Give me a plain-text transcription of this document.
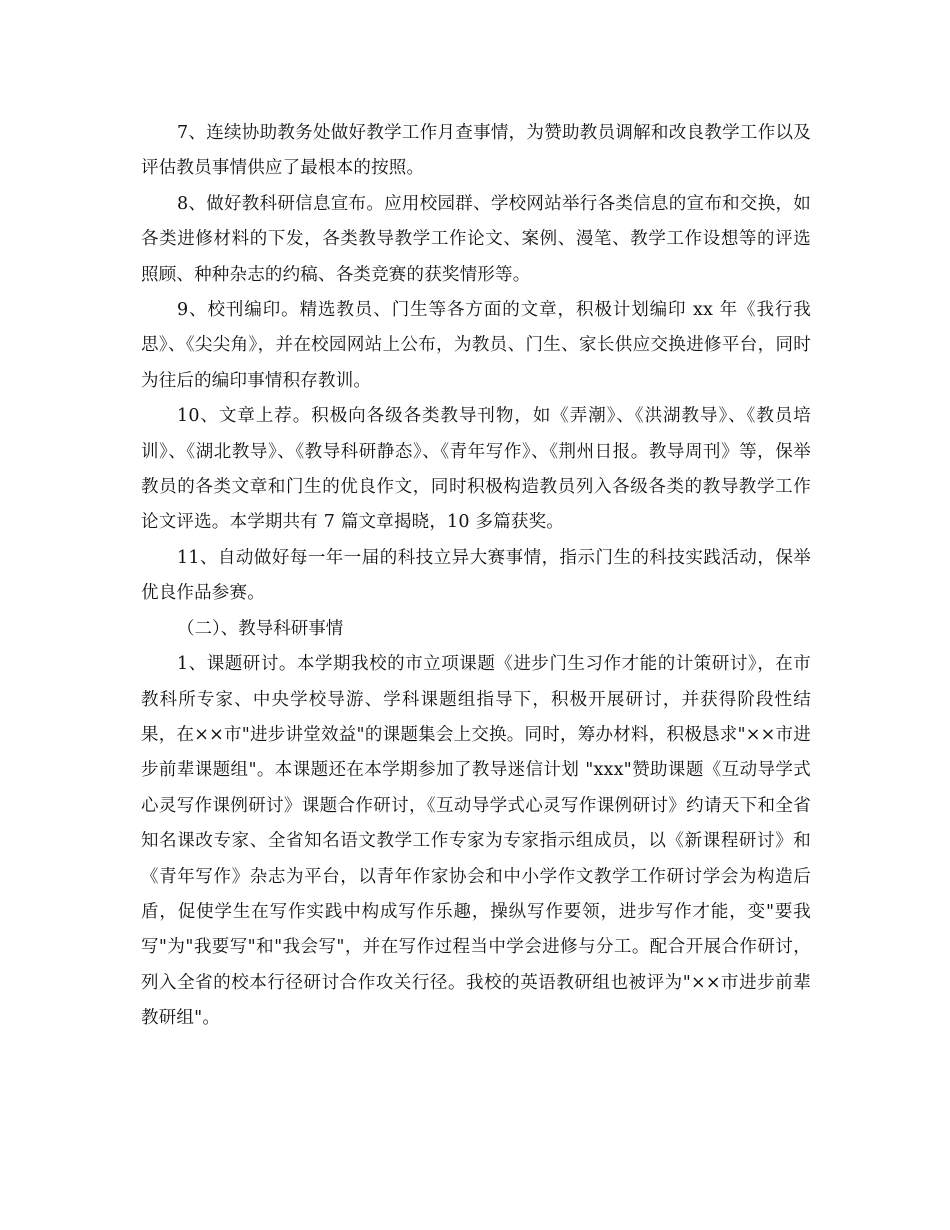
7、连续协助教务处做好教学工作月查事情，为赞助教员调解和改良教学工作以及评估教员事情供应了最根本的按照。

8、做好教科研信息宣布。应用校园群、学校网站举行各类信息的宣布和交换，如各类进修材料的下发，各类教导教学工作论文、案例、漫笔、教学工作设想等的评选照顾、种种杂志的约稿、各类竞赛的获奖情形等。

9、校刊编印。精选教员、门生等各方面的文章，积极计划编印 xx 年《我行我思》、《尖尖角》，并在校园网站上公布，为教员、门生、家长供应交换进修平台，同时为往后的编印事情积存教训。

10、文章上荐。积极向各级各类教导刊物，如《弄潮》、《洪湖教导》、《教员培训》、《湖北教导》、《教导科研静态》、《青年写作》、《荆州日报。教导周刊》等，保举教员的各类文章和门生的优良作文，同时积极构造教员列入各级各类的教导教学工作论文评选。本学期共有 7 篇文章揭晓，10 多篇获奖。

11、自动做好每一年一届的科技立异大赛事情，指示门生的科技实践活动，保举优良作品参赛。

（二）、教导科研事情

1、课题研讨。本学期我校的市立项课题《进步门生习作才能的计策研讨》，在市教科所专家、中央学校导游、学科课题组指导下，积极开展研讨，并获得阶段性结果，在××市"进步讲堂效益"的课题集会上交换。同时，筹办材料，积极恳求"××市进步前辈课题组"。本课题还在本学期参加了教导迷信计划 "xxx"赞助课题《互动导学式心灵写作课例研讨》课题合作研讨，《互动导学式心灵写作课例研讨》约请天下和全省知名课改专家、全省知名语文教学工作专家为专家指示组成员，以《新课程研讨》和《青年写作》杂志为平台，以青年作家协会和中小学作文教学工作研讨学会为构造后盾，促使学生在写作实践中构成写作乐趣，操纵写作要领，进步写作才能，变"要我写"为"我要写"和"我会写"，并在写作过程当中学会进修与分工。配合开展合作研讨，列入全省的校本行径研讨合作攻关行径。我校的英语教研组也被评为"××市进步前辈教研组"。
